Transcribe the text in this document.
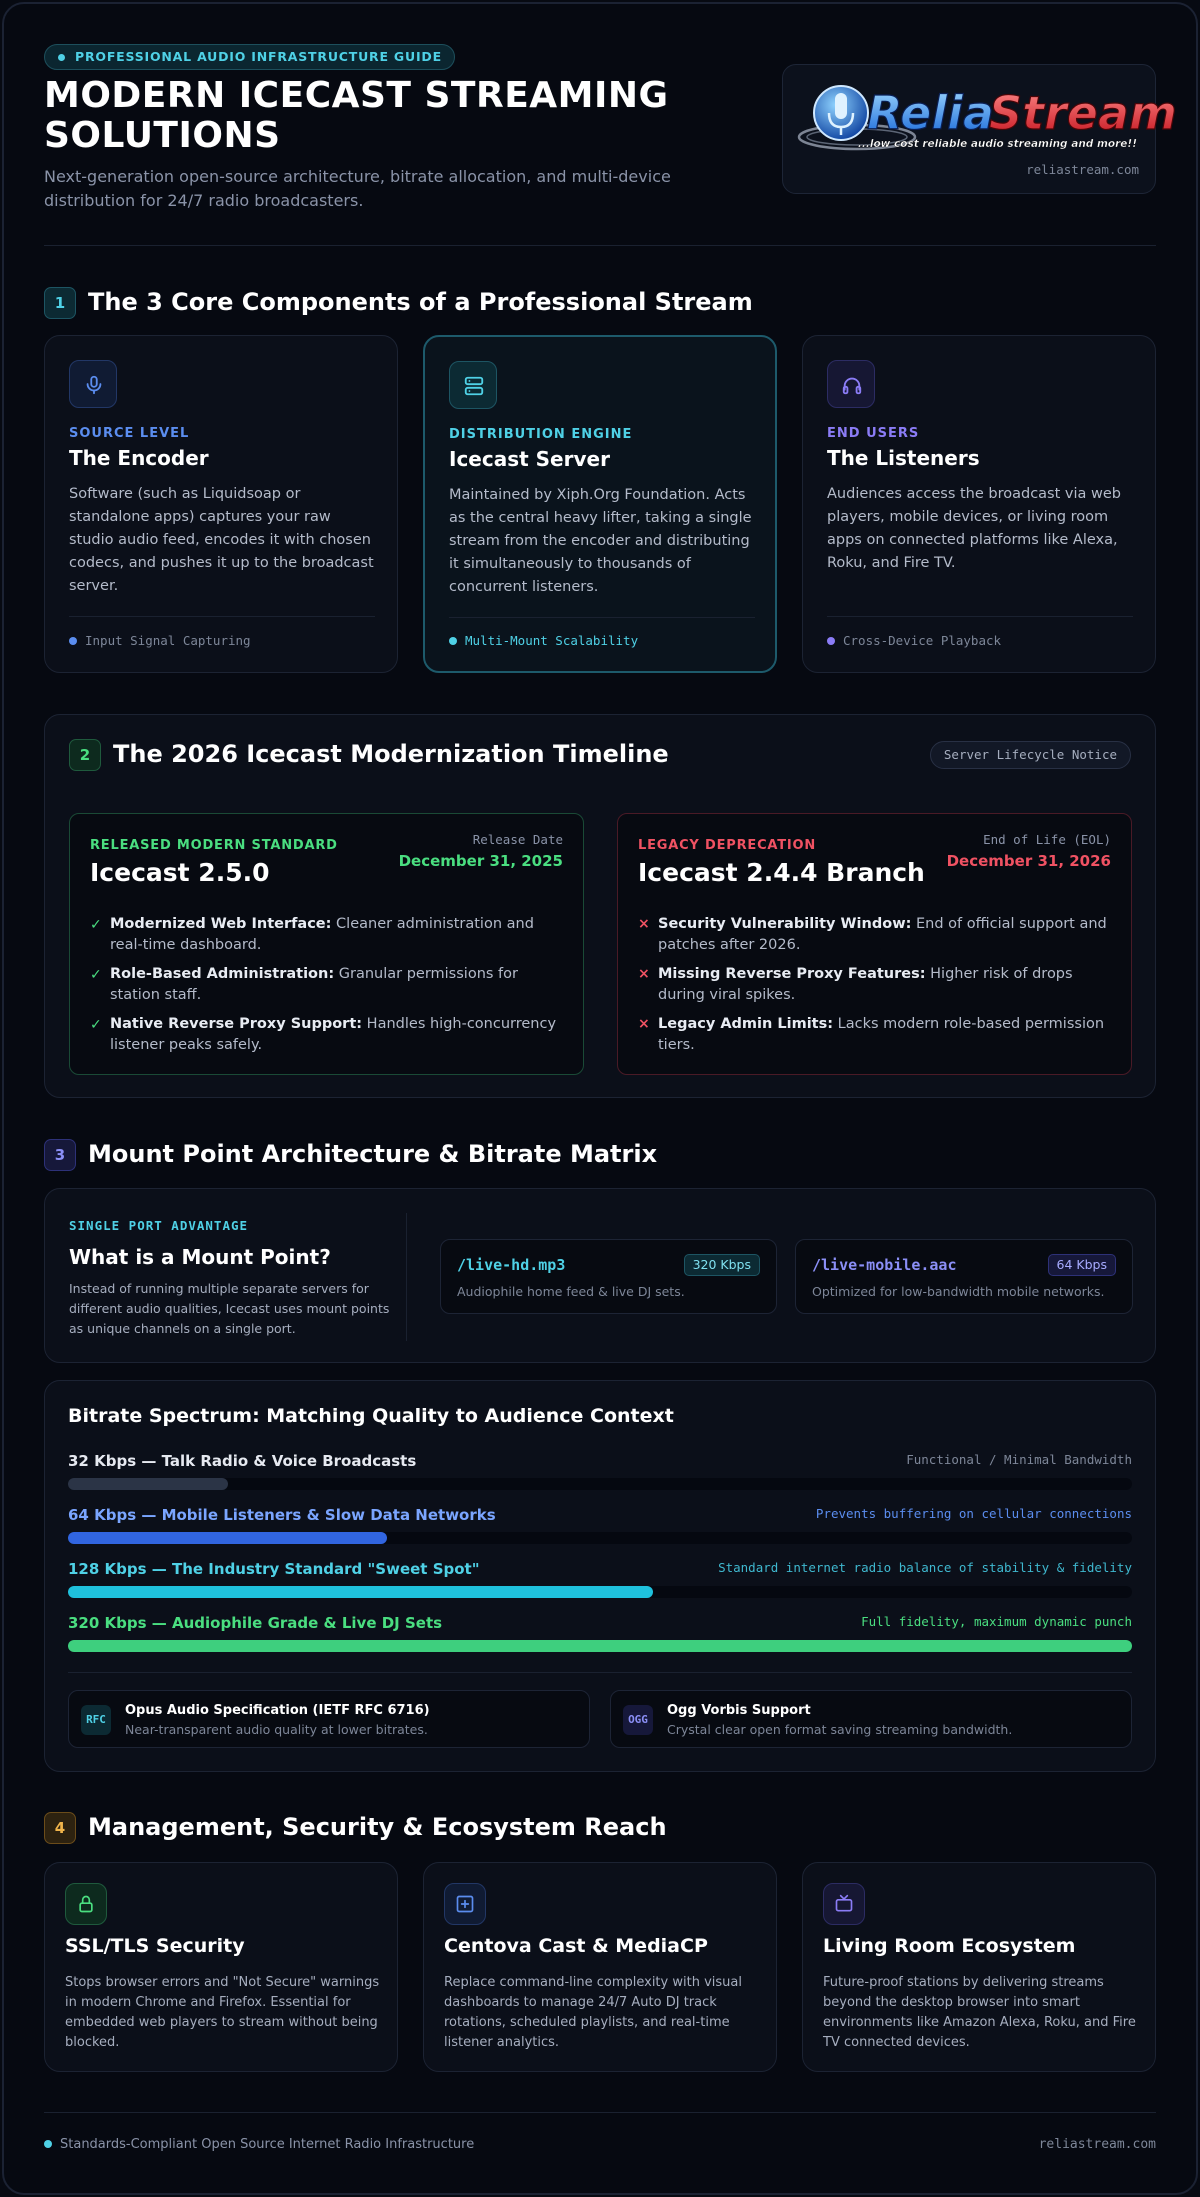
PROFESSIONAL AUDIO INFRASTRUCTURE GUIDE
MODERN ICECAST STREAMING SOLUTIONS
Next-generation open-source architecture, bitrate allocation, and multi-device distribution for 24/7 radio broadcasters.
Relia
Stream
...low cost reliable audio streaming and more!!
reliastream.com
1 The 3 Core Components of a Professional Stream
SOURCE LEVEL
The Encoder
Software (such as Liquidsoap or standalone apps) captures your raw studio audio feed, encodes it with chosen codecs, and pushes it up to the broadcast server.
Input Signal Capturing
DISTRIBUTION ENGINE
Icecast Server
Maintained by Xiph.Org Foundation. Acts as the central heavy lifter, taking a single stream from the encoder and distributing it simultaneously to thousands of concurrent listeners.
Multi-Mount Scalability
END USERS
The Listeners
Audiences access the broadcast via web players, mobile devices, or living room apps on connected platforms like Alexa, Roku, and Fire TV.
Cross-Device Playback
2 The 2026 Icecast Modernization Timeline	Server Lifecycle Notice
RELEASED MODERN STANDARD
Icecast 2.5.0
Release Date
December 31, 2025
✓ Modernized Web Interface: Cleaner administration and real-time dashboard.
✓ Role-Based Administration: Granular permissions for station staff.
✓ Native Reverse Proxy Support: Handles high-concurrency listener peaks safely.
LEGACY DEPRECATION
Icecast 2.4.4 Branch
End of Life (EOL)
December 31, 2026
× Security Vulnerability Window: End of official support and patches after 2026.
× Missing Reverse Proxy Features: Higher risk of drops during viral spikes.
× Legacy Admin Limits: Lacks modern role-based permission tiers.
3 Mount Point Architecture & Bitrate Matrix
SINGLE PORT ADVANTAGE
What is a Mount Point?
Instead of running multiple separate servers for different audio qualities, Icecast uses mount points as unique channels on a single port.
/live-hd.mp3	320 Kbps
Audiophile home feed & live DJ sets.
/live-mobile.aac	64 Kbps
Optimized for low-bandwidth mobile networks.
Bitrate Spectrum: Matching Quality to Audience Context
32 Kbps — Talk Radio & Voice Broadcasts	Functional / Minimal Bandwidth
64 Kbps — Mobile Listeners & Slow Data Networks	Prevents buffering on cellular connections
128 Kbps — The Industry Standard "Sweet Spot"	Standard internet radio balance of stability & fidelity
320 Kbps — Audiophile Grade & Live DJ Sets	Full fidelity, maximum dynamic punch
RFC
Opus Audio Specification (IETF RFC 6716)
Near-transparent audio quality at lower bitrates.
OGG
Ogg Vorbis Support
Crystal clear open format saving streaming bandwidth.
4 Management, Security & Ecosystem Reach
SSL/TLS Security
Stops browser errors and "Not Secure" warnings in modern Chrome and Firefox. Essential for embedded web players to stream without being blocked.
Centova Cast & MediaCP
Replace command-line complexity with visual dashboards to manage 24/7 Auto DJ track rotations, scheduled playlists, and real-time listener analytics.
Living Room Ecosystem
Future-proof stations by delivering streams beyond the desktop browser into smart environments like Amazon Alexa, Roku, and Fire TV connected devices.
Standards-Compliant Open Source Internet Radio Infrastructure	reliastream.com
